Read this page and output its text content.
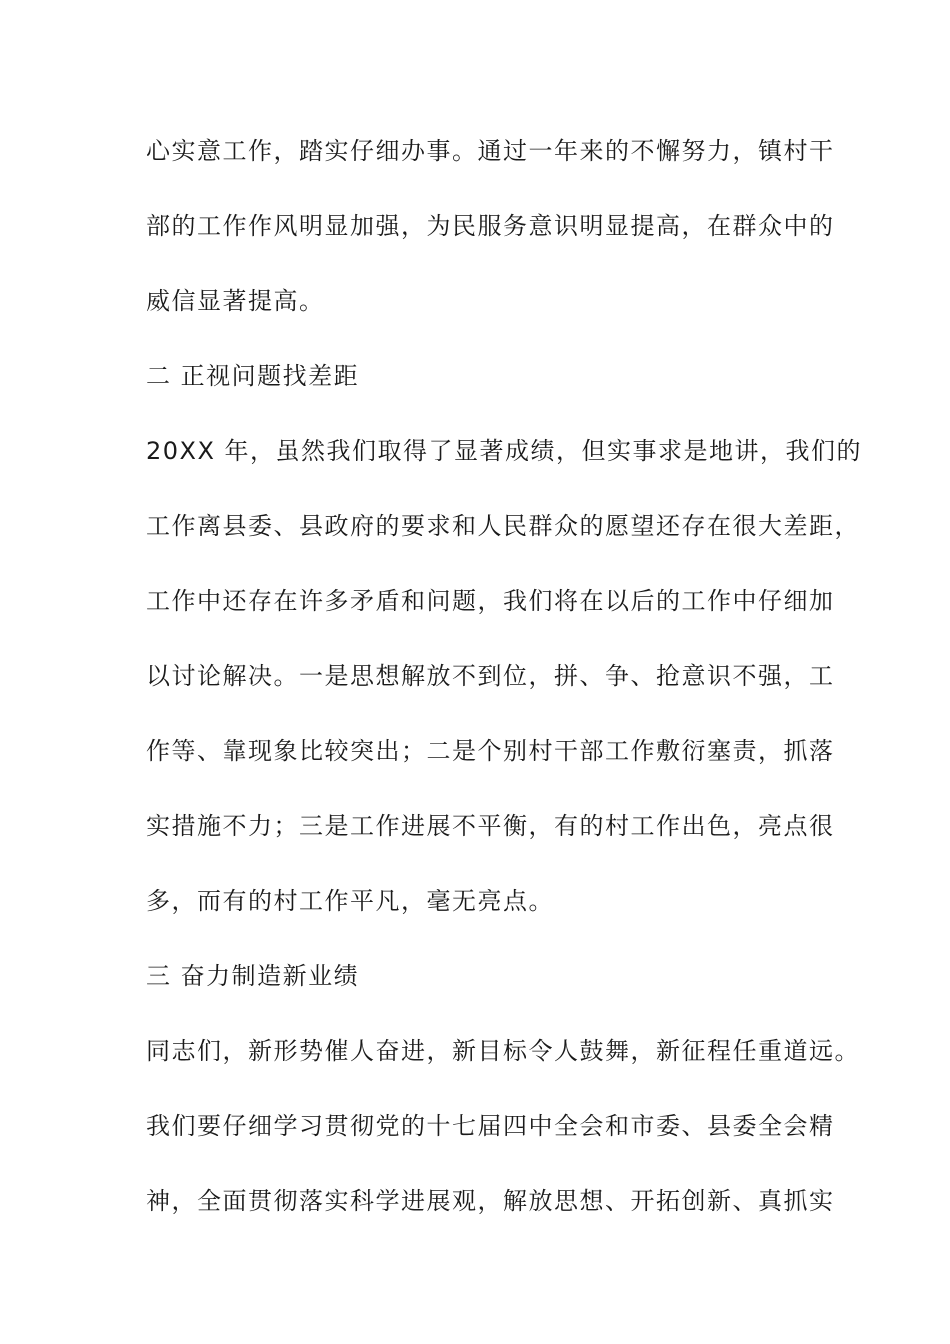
心实意工作，踏实仔细办事。通过一年来的不懈努力，镇村干

部的工作作风明显加强，为民服务意识明显提高，在群众中的

威信显著提高。

二 正视问题找差距

20XX 年，虽然我们取得了显著成绩，但实事求是地讲，我们的

工作离县委、县政府的要求和人民群众的愿望还存在很大差距，

工作中还存在许多矛盾和问题，我们将在以后的工作中仔细加

以讨论解决。一是思想解放不到位，拼、争、抢意识不强，工

作等、靠现象比较突出；二是个别村干部工作敷衍塞责，抓落

实措施不力；三是工作进展不平衡，有的村工作出色，亮点很

多，而有的村工作平凡，毫无亮点。

三 奋力制造新业绩

同志们，新形势催人奋进，新目标令人鼓舞，新征程任重道远。

我们要仔细学习贯彻党的十七届四中全会和市委、县委全会精

神，全面贯彻落实科学进展观，解放思想、开拓创新、真抓实
